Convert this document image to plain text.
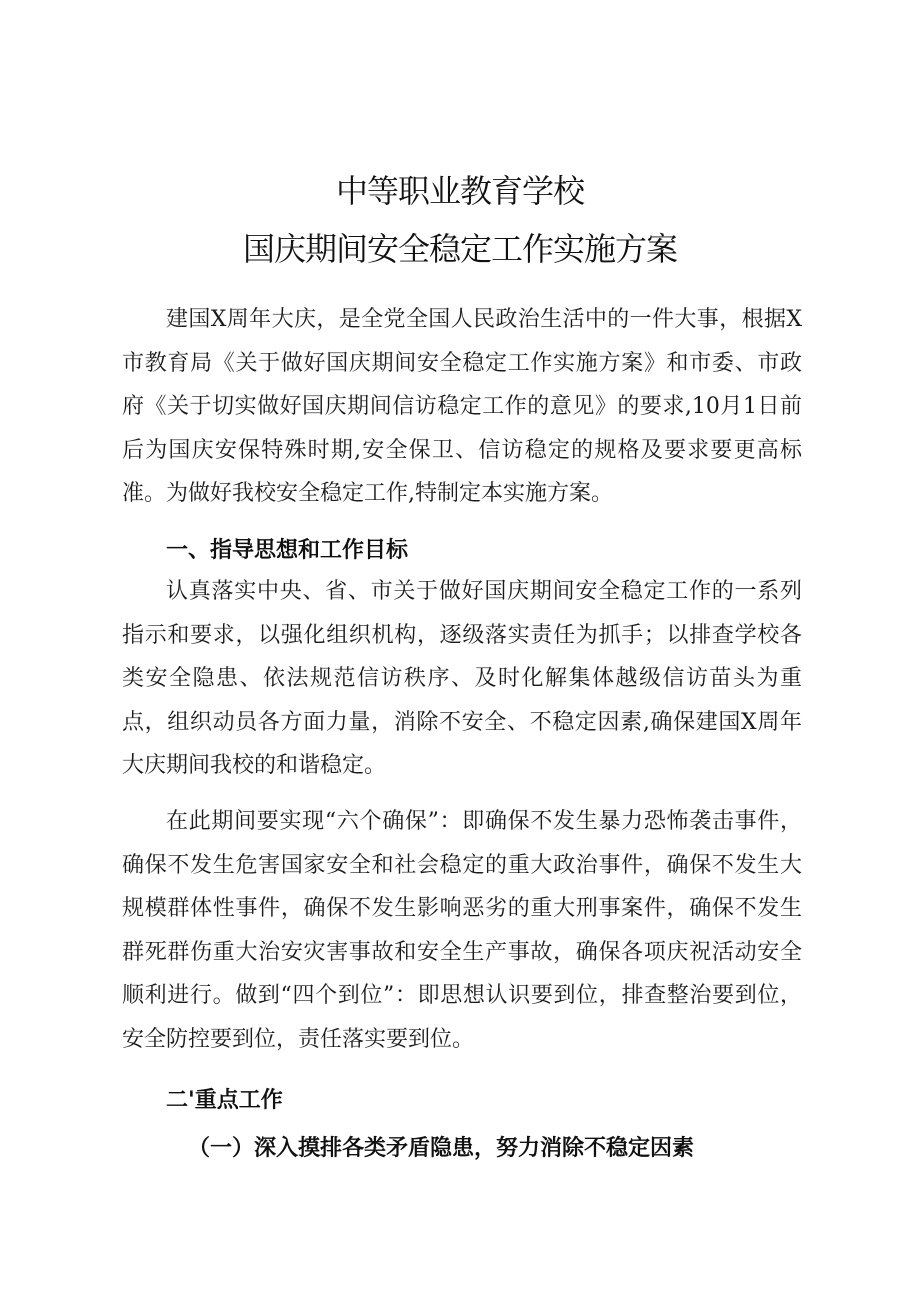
中等职业教育学校
国庆期间安全稳定工作实施方案
建国X周年大庆，是全党全国人民政治生活中的一件大事，根据X市教育局《关于做好国庆期间安全稳定工作实施方案》和市委、市政府《关于切实做好国庆期间信访稳定工作的意见》的要求,10月1日前后为国庆安保特殊时期,安全保卫、信访稳定的规格及要求要更高标准。为做好我校安全稳定工作,特制定本实施方案。
一、指导思想和工作目标
认真落实中央、省、市关于做好国庆期间安全稳定工作的一系列指示和要求，以强化组织机构，逐级落实责任为抓手；以排查学校各类安全隐患、依法规范信访秩序、及时化解集体越级信访苗头为重点，组织动员各方面力量，消除不安全、不稳定因素,确保建国X周年大庆期间我校的和谐稳定。
在此期间要实现“六个确保”：即确保不发生暴力恐怖袭击事件，确保不发生危害国家安全和社会稳定的重大政治事件，确保不发生大规模群体性事件，确保不发生影响恶劣的重大刑事案件，确保不发生群死群伤重大治安灾害事故和安全生产事故，确保各项庆祝活动安全顺利进行。做到“四个到位”：即思想认识要到位，排查整治要到位，安全防控要到位，责任落实要到位。
二'重点工作
（一）深入摸排各类矛盾隐患，努力消除不稳定因素
